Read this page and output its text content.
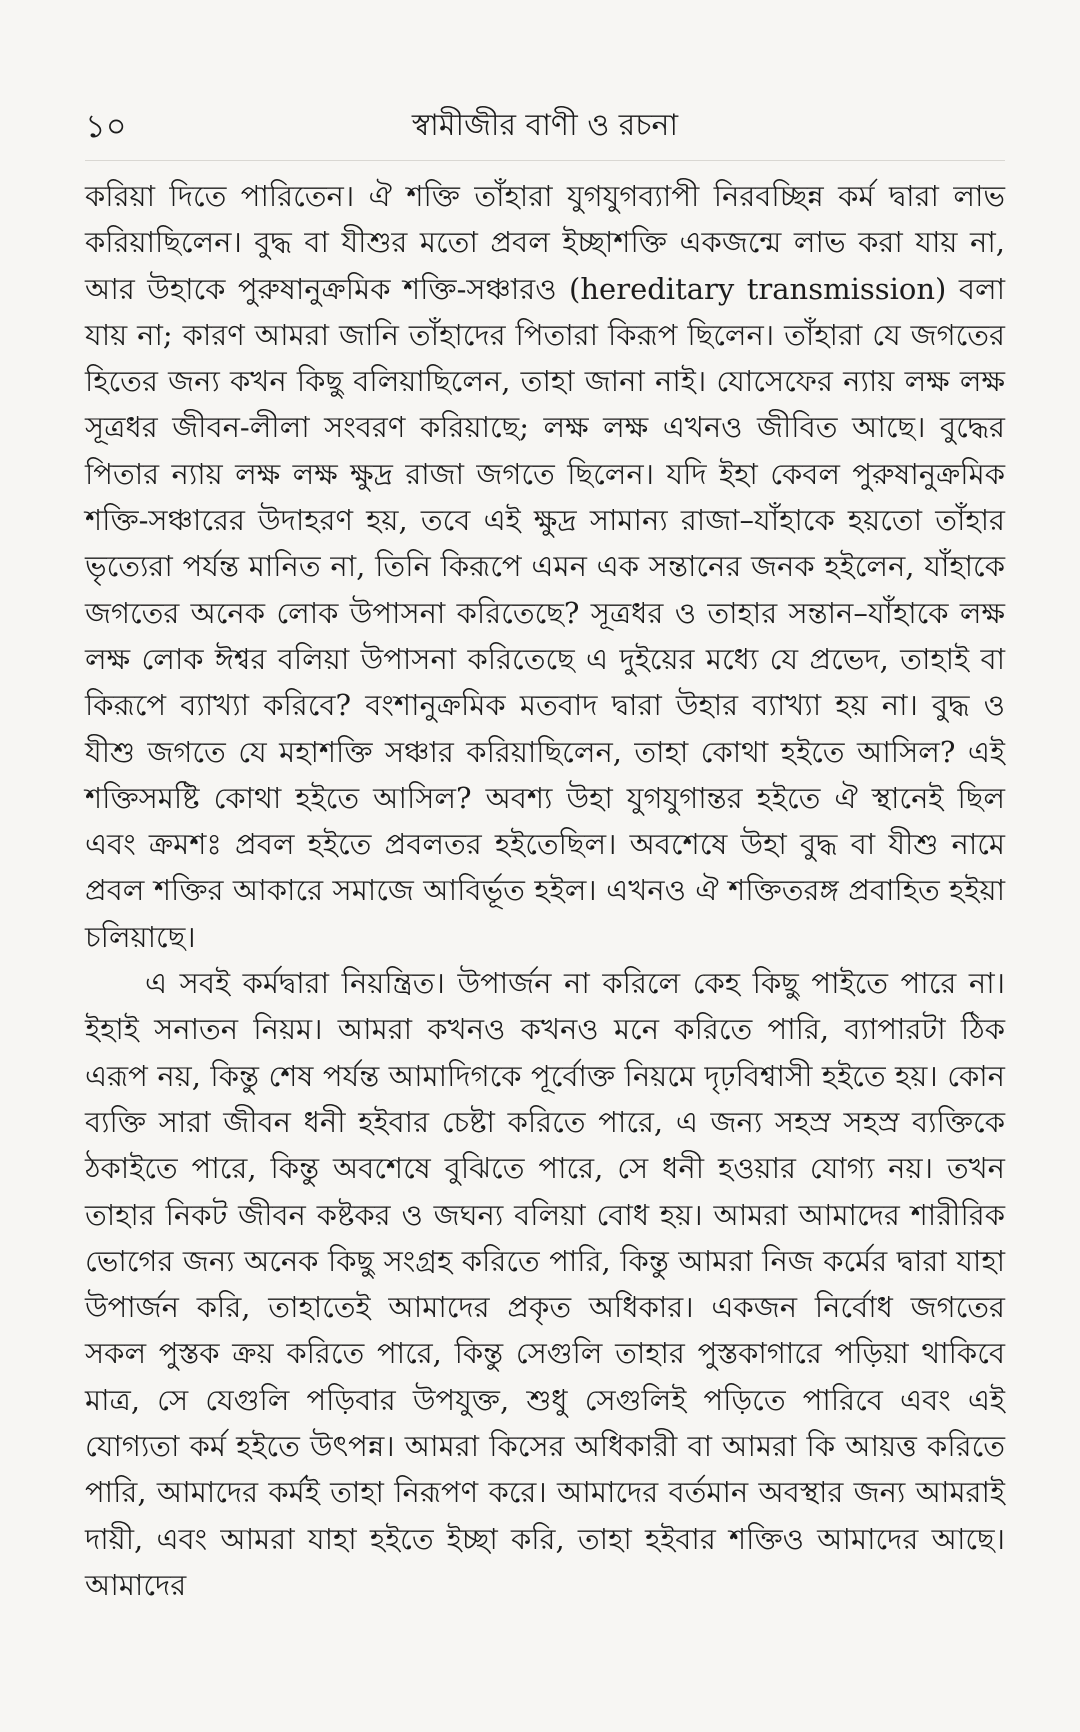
১০	স্বামীজীর বাণী ও রচনা

করিয়া দিতে পারিতেন। ঐ শক্তি তাঁহারা যুগযুগব্যাপী নিরবচ্ছিন্ন কর্ম দ্বারা লাভ করিয়াছিলেন। বুদ্ধ বা যীশুর মতো প্রবল ইচ্ছাশক্তি একজন্মে লাভ করা যায় না, আর উহাকে পুরুষানুক্রমিক শক্তি-সঞ্চারও (hereditary transmission) বলা যায় না; কারণ আমরা জানি তাঁহাদের পিতারা কিরূপ ছিলেন। তাঁহারা যে জগতের হিতের জন্য কখন কিছু বলিয়াছিলেন, তাহা জানা নাই। যোসেফের ন্যায় লক্ষ লক্ষ সূত্রধর জীবন-লীলা সংবরণ করিয়াছে; লক্ষ লক্ষ এখনও জীবিত আছে। বুদ্ধের পিতার ন্যায় লক্ষ লক্ষ ক্ষুদ্র রাজা জগতে ছিলেন। যদি ইহা কেবল পুরুষানুক্রমিক শক্তি-সঞ্চারের উদাহরণ হয়, তবে এই ক্ষুদ্র সামান্য রাজা–যাঁহাকে হয়তো তাঁহার ভৃত্যেরা পর্যন্ত মানিত না, তিনি কিরূপে এমন এক সন্তানের জনক হইলেন, যাঁহাকে জগতের অনেক লোক উপাসনা করিতেছে? সূত্রধর ও তাহার সন্তান–যাঁহাকে লক্ষ লক্ষ লোক ঈশ্বর বলিয়া উপাসনা করিতেছে এ দুইয়ের মধ্যে যে প্রভেদ, তাহাই বা কিরূপে ব্যাখ্যা করিবে? বংশানুক্রমিক মতবাদ দ্বারা উহার ব্যাখ্যা হয় না। বুদ্ধ ও যীশু জগতে যে মহাশক্তি সঞ্চার করিয়াছিলেন, তাহা কোথা হইতে আসিল? এই শক্তিসমষ্টি কোথা হইতে আসিল? অবশ্য উহা যুগযুগান্তর হইতে ঐ স্থানেই ছিল এবং ক্রমশঃ প্রবল হইতে প্রবলতর হইতেছিল। অবশেষে উহা বুদ্ধ বা যীশু নামে প্রবল শক্তির আকারে সমাজে আবির্ভূত হইল। এখনও ঐ শক্তিতরঙ্গ প্রবাহিত হইয়া চলিয়াছে।

এ সবই কর্মদ্বারা নিয়ন্ত্রিত। উপার্জন না করিলে কেহ কিছু পাইতে পারে না। ইহাই সনাতন নিয়ম। আমরা কখনও কখনও মনে করিতে পারি, ব্যাপারটা ঠিক এরূপ নয়, কিন্তু শেষ পর্যন্ত আমাদিগকে পূর্বোক্ত নিয়মে দৃঢ়বিশ্বাসী হইতে হয়। কোন ব্যক্তি সারা জীবন ধনী হইবার চেষ্টা করিতে পারে, এ জন্য সহস্র সহস্র ব্যক্তিকে ঠকাইতে পারে, কিন্তু অবশেষে বুঝিতে পারে, সে ধনী হওয়ার যোগ্য নয়। তখন তাহার নিকট জীবন কষ্টকর ও জঘন্য বলিয়া বোধ হয়। আমরা আমাদের শারীরিক ভোগের জন্য অনেক কিছু সংগ্রহ করিতে পারি, কিন্তু আমরা নিজ কর্মের দ্বারা যাহা উপার্জন করি, তাহাতেই আমাদের প্রকৃত অধিকার। একজন নির্বোধ জগতের সকল পুস্তক ক্রয় করিতে পারে, কিন্তু সেগুলি তাহার পুস্তকাগারে পড়িয়া থাকিবে মাত্র, সে যেগুলি পড়িবার উপযুক্ত, শুধু সেগুলিই পড়িতে পারিবে এবং এই যোগ্যতা কর্ম হইতে উৎপন্ন। আমরা কিসের অধিকারী বা আমরা কি আয়ত্ত করিতে পারি, আমাদের কর্মই তাহা নিরূপণ করে। আমাদের বর্তমান অবস্থার জন্য আমরাই দায়ী, এবং আমরা যাহা হইতে ইচ্ছা করি, তাহা হইবার শক্তিও আমাদের আছে। আমাদের
